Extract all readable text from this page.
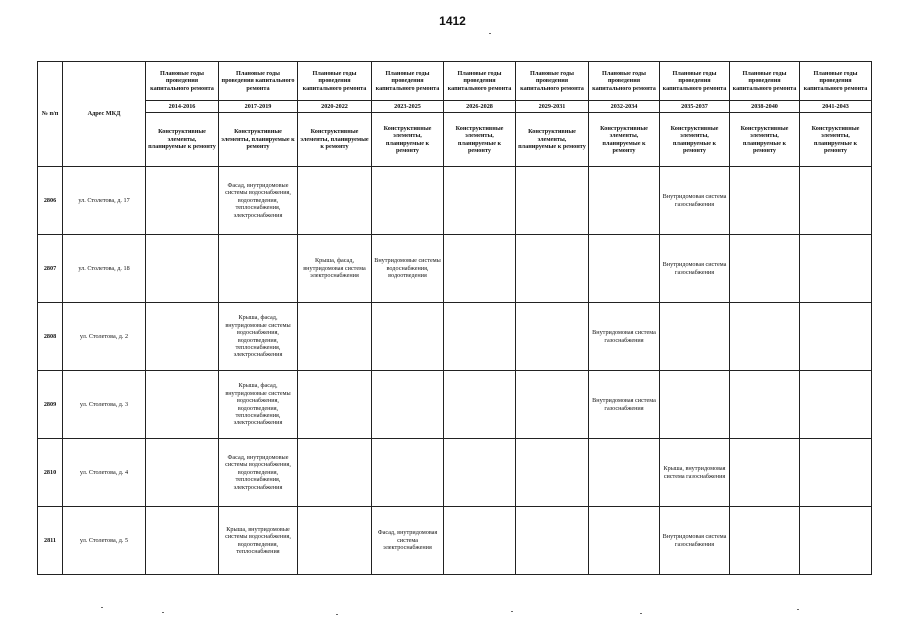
1412
№ п/п	Адрес МКД	Плановые годы проведения капитального ремонта	Плановые годы проведения капитального ремонта	Плановые годы проведения капитального ремонта	Плановые годы проведения капитального ремонта	Плановые годы проведения капитального ремонта	Плановые годы проведения капитального ремонта	Плановые годы проведения капитального ремонта	Плановые годы проведения капитального ремонта	Плановые годы проведения капитального ремонта	Плановые годы проведения капитального ремонта
		2014-2016	2017-2019	2020-2022	2023-2025	2026-2028	2029-2031	2032-2034	2035-2037	2038-2040	2041-2043
		Конструктивные элементы, планируемые к ремонту	Конструктивные элементы, планируемые к ремонту	Конструктивные элементы, планируемые к ремонту	Конструктивные элементы, планируемые к ремонту	Конструктивные элементы, планируемые к ремонту	Конструктивные элементы, планируемые к ремонту	Конструктивные элементы, планируемые к ремонту	Конструктивные элементы, планируемые к ремонту	Конструктивные элементы, планируемые к ремонту	Конструктивные элементы, планируемые к ремонту
2806	ул. Столетова, д. 17		Фасад, внутридомовые системы водоснабжения, водоотведения, теплоснабжения, электроснабжения						Внутридомовая система газоснабжения		
2807	ул. Столетова, д. 18			Крыша, фасад, внутридомовая система электроснабжения	Внутридомовые системы водоснабжения, водоотведения				Внутридомовая система газоснабжения		
2808	ул. Столетова, д. 2		Крыша, фасад, внутридомовые системы водоснабжения, водоотведения, теплоснабжения, электроснабжения					Внутридомовая система газоснабжения			
2809	ул. Столетова, д. 3		Крыша, фасад, внутридомовые системы водоснабжения, водоотведения, теплоснабжения, электроснабжения					Внутридомовая система газоснабжения			
2810	ул. Столетова, д. 4		Фасад, внутридомовые системы водоснабжения, водоотведения, теплоснабжения, электроснабжения						Крыша, внутридомовая система газоснабжения		
2811	ул. Столетова, д. 5		Крыша, внутридомовые системы водоснабжения, водоотведения, теплоснабжения		Фасад, внутридомовая система электроснабжения				Внутридомовая система газоснабжения		
